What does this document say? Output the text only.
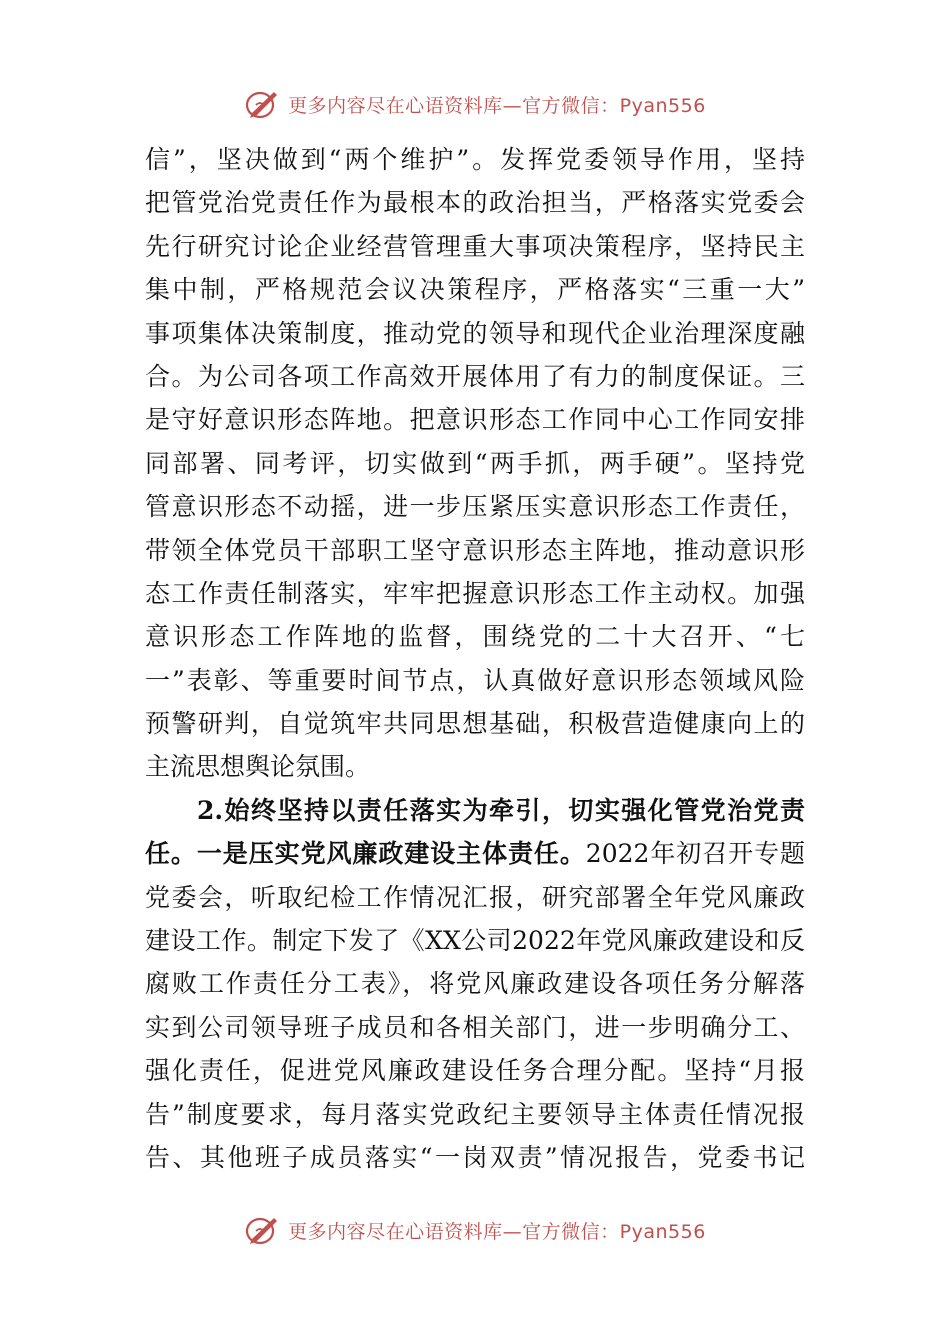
更多内容尽在心语资料库—官方微信：Pyan556
信”，坚决做到“两个维护”。发挥党委领导作用，坚持
把管党治党责任作为最根本的政治担当，严格落实党委会
先行研究讨论企业经营管理重大事项决策程序，坚持民主
集中制，严格规范会议决策程序，严格落实“三重一大”
事项集体决策制度，推动党的领导和现代企业治理深度融
合。为公司各项工作高效开展体用了有力的制度保证。三
是守好意识形态阵地。把意识形态工作同中心工作同安排
同部署、同考评，切实做到“两手抓，两手硬”。坚持党
管意识形态不动摇，进一步压紧压实意识形态工作责任，
带领全体党员干部职工坚守意识形态主阵地，推动意识形
态工作责任制落实，牢牢把握意识形态工作主动权。加强
意识形态工作阵地的监督，围绕党的二十大召开、“七
一”表彰、等重要时间节点，认真做好意识形态领域风险
预警研判，自觉筑牢共同思想基础，积极营造健康向上的
主流思想舆论氛围。
2.始终坚持以责任落实为牵引，切实强化管党治党责
任。一是压实党风廉政建设主体责任。2022年初召开专题
党委会，听取纪检工作情况汇报，研究部署全年党风廉政
建设工作。制定下发了《XX公司2022年党风廉政建设和反
腐败工作责任分工表》，将党风廉政建设各项任务分解落
实到公司领导班子成员和各相关部门，进一步明确分工、
强化责任，促进党风廉政建设任务合理分配。坚持“月报
告”制度要求，每月落实党政纪主要领导主体责任情况报
告、其他班子成员落实“一岗双责”情况报告，党委书记
更多内容尽在心语资料库—官方微信：Pyan556
